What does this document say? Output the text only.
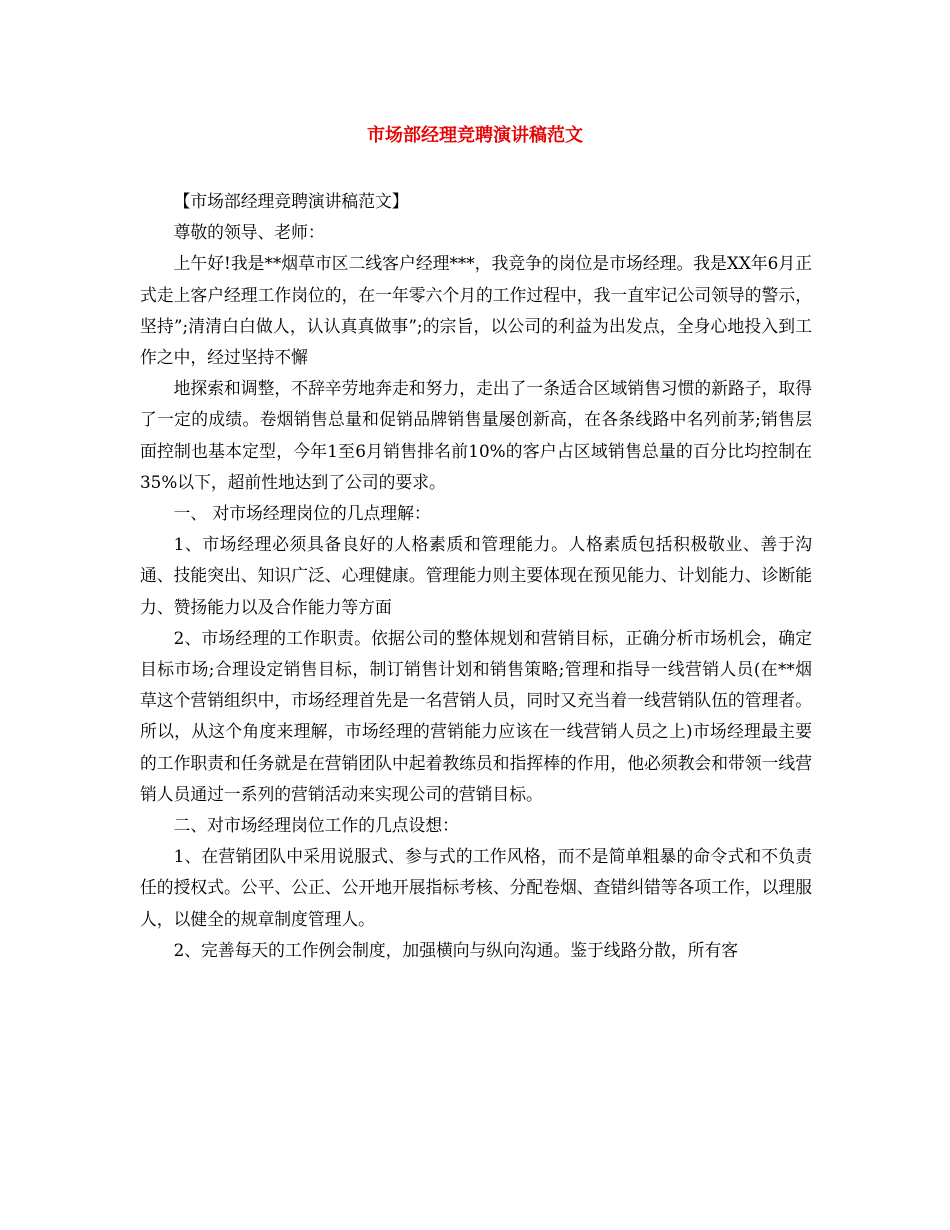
市场部经理竞聘演讲稿范文

【市场部经理竞聘演讲稿范文】

尊敬的领导、老师：

上午好!我是**烟草市区二线客户经理***，我竞争的岗位是市场经理。我是XX年6月正式走上客户经理工作岗位的，在一年零六个月的工作过程中，我一直牢记公司领导的警示，坚持”;清清白白做人，认认真真做事”;的宗旨，以公司的利益为出发点，全身心地投入到工作之中，经过坚持不懈

地探索和调整，不辞辛劳地奔走和努力，走出了一条适合区域销售习惯的新路子，取得了一定的成绩。卷烟销售总量和促销品牌销售量屡创新高，在各条线路中名列前茅;销售层面控制也基本定型，今年1至6月销售排名前10%的客户占区域销售总量的百分比均控制在35%以下，超前性地达到了公司的要求。

一、 对市场经理岗位的几点理解：

1、市场经理必须具备良好的人格素质和管理能力。人格素质包括积极敬业、善于沟通、技能突出、知识广泛、心理健康。管理能力则主要体现在预见能力、计划能力、诊断能力、赞扬能力以及合作能力等方面

2、市场经理的工作职责。依据公司的整体规划和营销目标，正确分析市场机会，确定目标市场;合理设定销售目标，制订销售计划和销售策略;管理和指导一线营销人员(在**烟草这个营销组织中，市场经理首先是一名营销人员，同时又充当着一线营销队伍的管理者。所以，从这个角度来理解，市场经理的营销能力应该在一线营销人员之上)市场经理最主要的工作职责和任务就是在营销团队中起着教练员和指挥棒的作用，他必须教会和带领一线营销人员通过一系列的营销活动来实现公司的营销目标。

二、对市场经理岗位工作的几点设想：

1、在营销团队中采用说服式、参与式的工作风格，而不是简单粗暴的命令式和不负责任的授权式。公平、公正、公开地开展指标考核、分配卷烟、查错纠错等各项工作，以理服人，以健全的规章制度管理人。

2、完善每天的工作例会制度，加强横向与纵向沟通。鉴于线路分散，所有客
